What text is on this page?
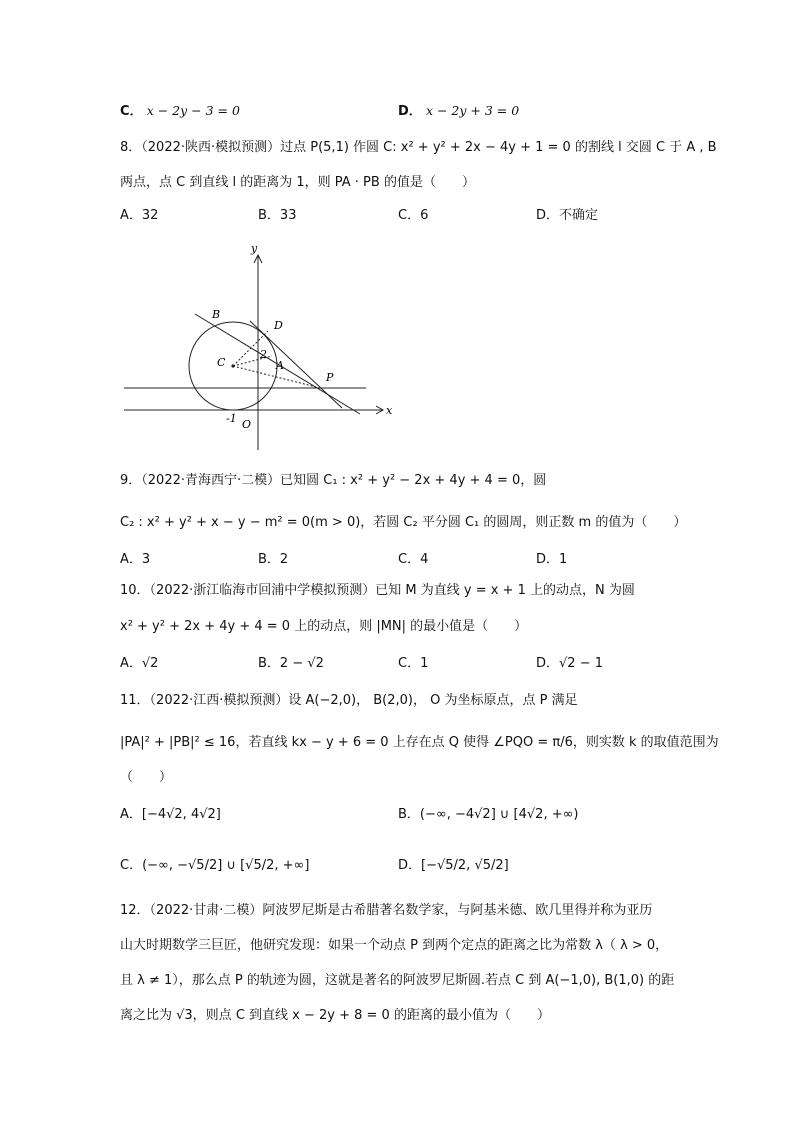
C． x − 2y − 3 = 0	D． x − 2y + 3 = 0
8．（2022·陕西·模拟预测）过点 P(5,1) 作圆 C: x² + y² + 2x − 4y + 1 = 0 的割线 l 交圆 C 于 A , B
两点，点 C 到直线 l 的距离为 1，则 PA · PB 的值是（　　）
A．32	B．33	C．6	D．不确定
y
x
B
D
C
2
A
P
-1 O
9．（2022·青海西宁·二模）已知圆 C₁ : x² + y² − 2x + 4y + 4 = 0，圆
C₂ : x² + y² + x − y − m² = 0(m > 0)，若圆 C₂ 平分圆 C₁ 的圆周，则正数 m 的值为（　　）
A．3	B．2	C．4	D．1
10．（2022·浙江临海市回浦中学模拟预测）已知 M 为直线 y = x + 1 上的动点，N 为圆
x² + y² + 2x + 4y + 4 = 0 上的动点，则 |MN| 的最小值是（　　）
A．√2	B．2 − √2	C．1	D．√2 − 1
11．（2022·江西·模拟预测）设 A(−2,0)， B(2,0)， O 为坐标原点，点 P 满足
|PA|² + |PB|² ≤ 16，若直线 kx − y + 6 = 0 上存在点 Q 使得 ∠PQO = π/6，则实数 k 的取值范围为
（　　）
A．[−4√2, 4√2]	B．(−∞, −4√2] ∪ [4√2, +∞)
C．(−∞, −√5/2] ∪ [√5/2, +∞]	D．[−√5/2, √5/2]
12．（2022·甘肃·二模）阿波罗尼斯是古希腊著名数学家，与阿基米德、欧几里得并称为亚历
山大时期数学三巨匠，他研究发现：如果一个动点 P 到两个定点的距离之比为常数 λ（ λ > 0，
且 λ ≠ 1），那么点 P 的轨迹为圆，这就是著名的阿波罗尼斯圆.若点 C 到 A(−1,0), B(1,0) 的距
离之比为 √3，则点 C 到直线 x − 2y + 8 = 0 的距离的最小值为（　　）
